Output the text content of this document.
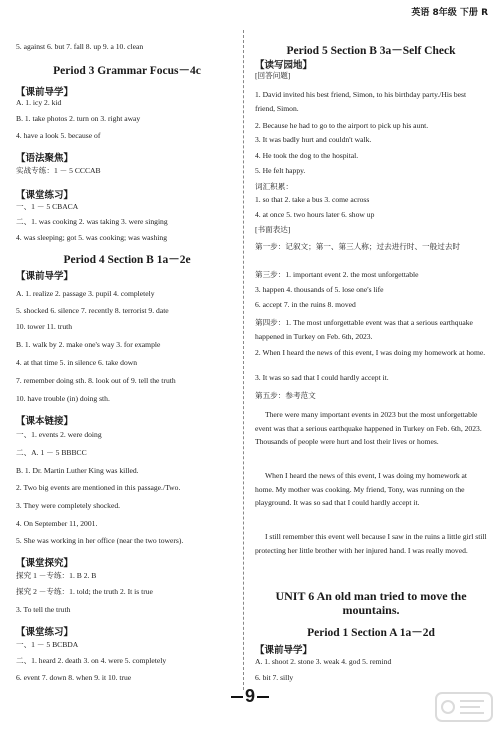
英语 8年级 下册 R
5. against 6. but 7. fall 8. up 9. a 10. clean
Period 3 Grammar Focus－4c
【课前导学】
A. 1. icy 2. kid
B. 1. take photos 2. turn on 3. right away
4. have a look 5. because of
【语法聚焦】
实战专练：1 － 5 CCCAB
【课堂练习】
一、1 － 5 CBACA
二、1. was cooking 2. was taking 3. were singing
4. was sleeping; got 5. was cooking; was washing
Period 4 Section B 1a－2e
【课前导学】
A. 1. realize 2. passage 3. pupil 4. completely
5. shocked 6. silence 7. recently 8. terrorist 9. date
10. tower 11. truth
B. 1. walk by 2. make one's way 3. for example
4. at that time 5. in silence 6. take down
7. remember doing sth. 8. look out of 9. tell the truth
10. have trouble (in) doing sth.
【课本链接】
一、1. events 2. were doing
二、A. 1 － 5 BBBCC
B. 1. Dr. Martin Luther King was killed.
2. Two big events are mentioned in this passage./Two.
3. They were completely shocked.
4. On September 11, 2001.
5. She was working in her office (near the two towers).
【课堂探究】
探究 1 －专练：1. B 2. B
探究 2 －专练：1. told; the truth 2. It is true
3. To tell the truth
【课堂练习】
一、1 － 5 BCBDA
二、1. heard 2. death 3. on 4. were 5. completely
6. event 7. down 8. when 9. it 10. true
Period 5 Section B 3a－Self Check
【读写园地】
[回答问题]
1. David invited his best friend, Simon, to his birthday party./His best friend, Simon.
2. Because he had to go to the airport to pick up his aunt.
3. It was badly hurt and couldn't walk.
4. He took the dog to the hospital.
5. He felt happy.
词汇积累：
1. so that 2. take a bus 3. come across
4. at once 5. two hours later 6. show up
[书面表达]
第一步：记叙文；第一、第三人称；过去进行时、一般过去时
第三步：1. important event 2. the most unforgettable
3. happen 4. thousands of 5. lose one's life
6. accept 7. in the ruins 8. moved
第四步：1. The most unforgettable event was that a serious earthquake happened in Turkey on Feb. 6th, 2023.
2. When I heard the news of this event, I was doing my homework at home.
3. It was so sad that I could hardly accept it.
第五步：参考范文
There were many important events in 2023 but the most unforgettable event was that a serious earthquake happened in Turkey on Feb. 6th, 2023. Thousands of people were hurt and lost their lives or homes.
When I heard the news of this event, I was doing my homework at home. My mother was cooking. My friend, Tony, was running on the playground. It was so sad that I could hardly accept it.
I still remember this event well because I saw in the ruins a little girl still protecting her little brother with her injured hand. I was really moved.
UNIT 6 An old man tried to move the mountains.
Period 1 Section A 1a－2d
【课前导学】
A. 1. shoot 2. stone 3. weak 4. god 5. remind
6. bit 7. silly
9
